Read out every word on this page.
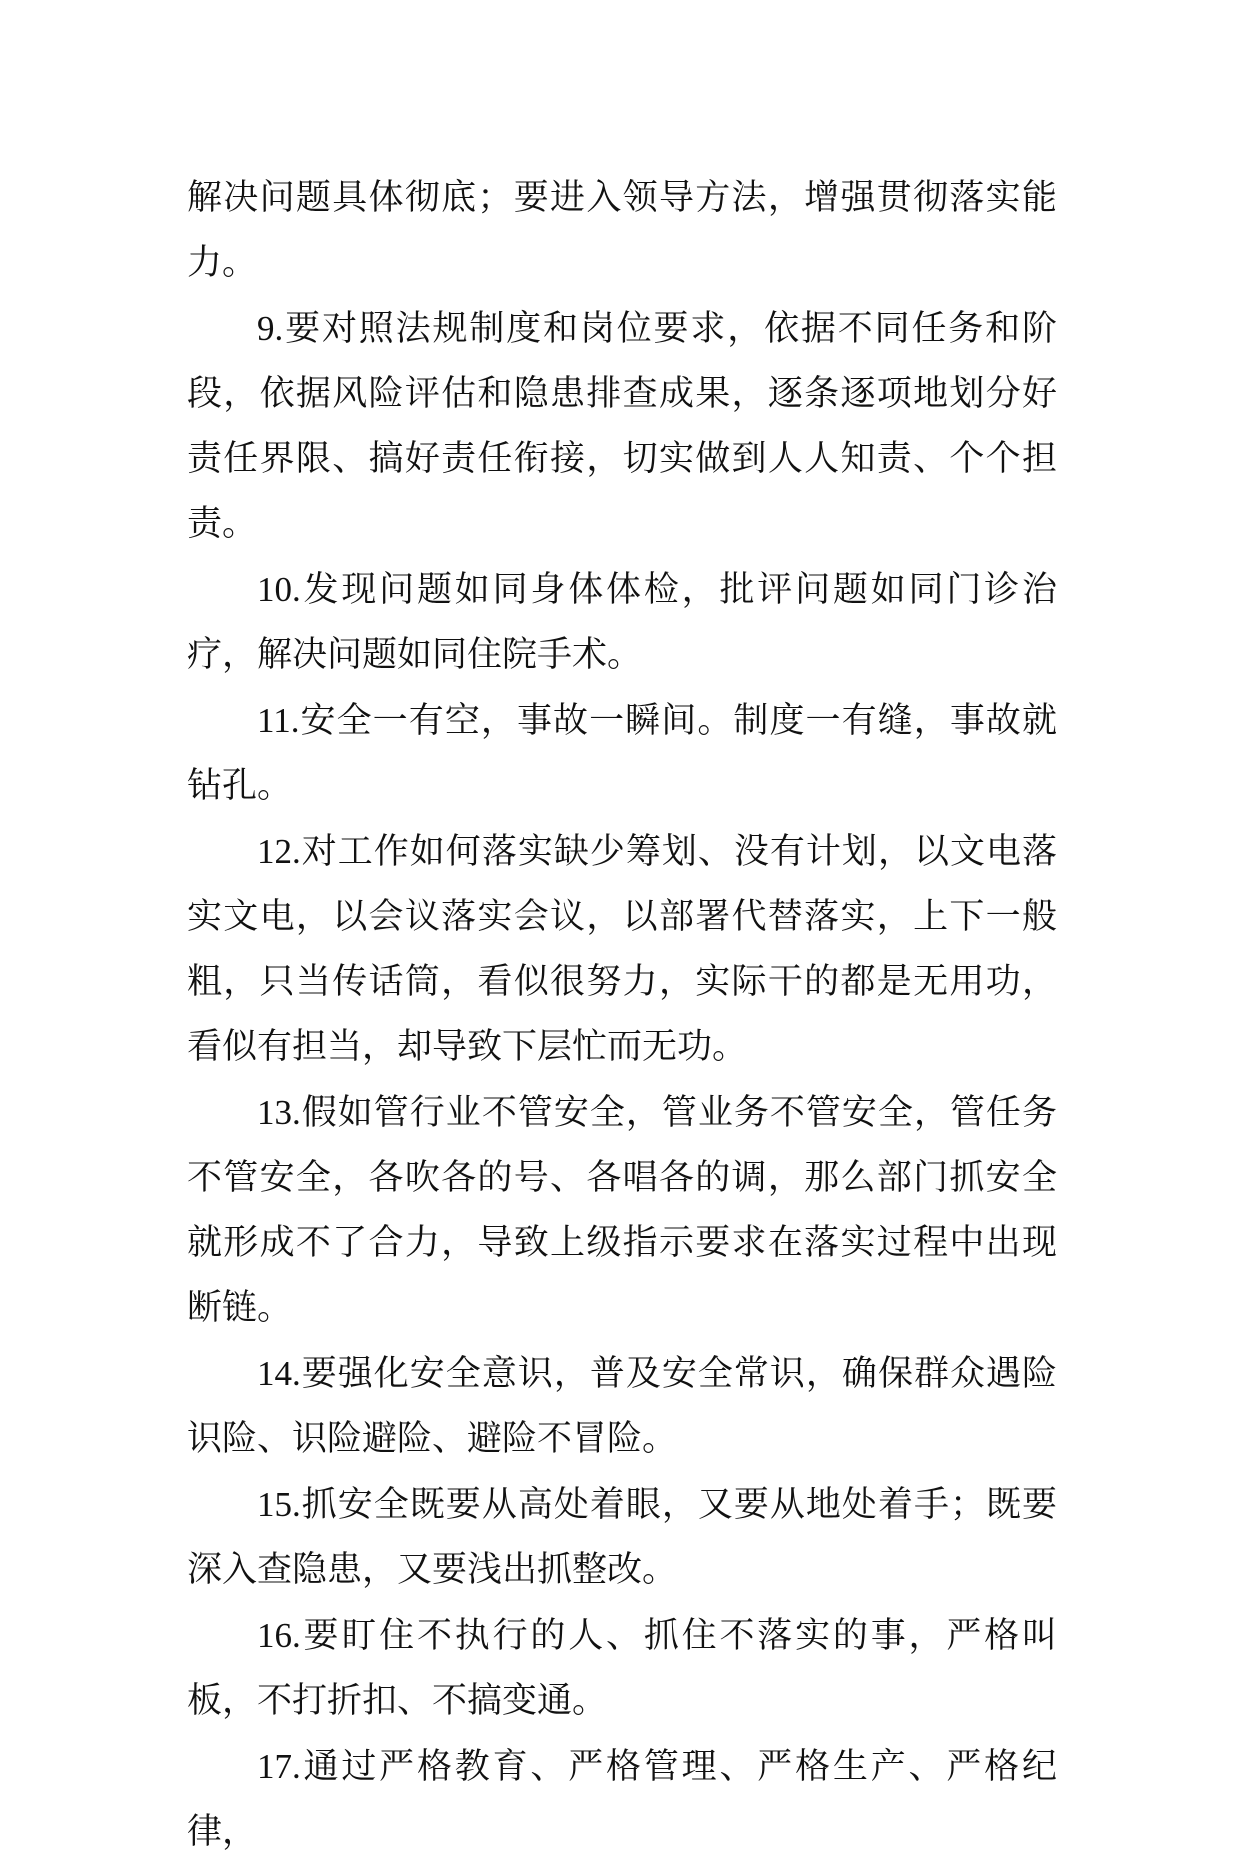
解决问题具体彻底；要进入领导方法，增强贯彻落实能力。

9.要对照法规制度和岗位要求，依据不同任务和阶段，依据风险评估和隐患排查成果，逐条逐项地划分好责任界限、搞好责任衔接，切实做到人人知责、个个担责。

10.发现问题如同身体体检，批评问题如同门诊治疗，解决问题如同住院手术。

11.安全一有空，事故一瞬间。制度一有缝，事故就钻孔。

12.对工作如何落实缺少筹划、没有计划，以文电落实文电，以会议落实会议，以部署代替落实，上下一般粗，只当传话筒，看似很努力，实际干的都是无用功，看似有担当，却导致下层忙而无功。

13.假如管行业不管安全，管业务不管安全，管任务不管安全，各吹各的号、各唱各的调，那么部门抓安全就形成不了合力，导致上级指示要求在落实过程中出现断链。

14.要强化安全意识，普及安全常识，确保群众遇险识险、识险避险、避险不冒险。

15.抓安全既要从高处着眼，又要从地处着手；既要深入查隐患，又要浅出抓整改。

16.要盯住不执行的人、抓住不落实的事，严格叫板，不打折扣、不搞变通。

17.通过严格教育、严格管理、严格生产、严格纪律，
